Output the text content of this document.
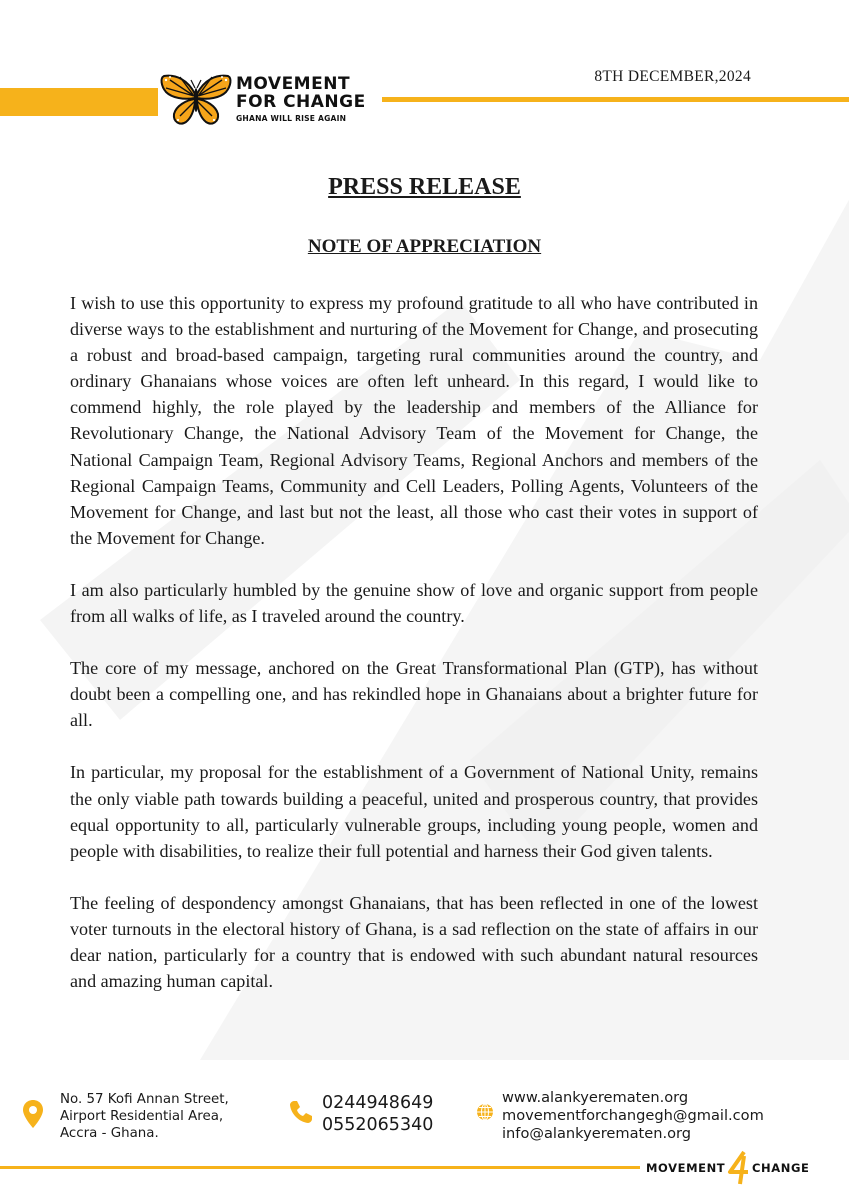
MOVEMENT
FOR CHANGE
GHANA WILL RISE AGAIN
8TH DECEMBER,2024
PRESS RELEASE
NOTE OF APPRECIATION

I wish to use this opportunity to express my profound gratitude to all who have contributed in diverse ways to the establishment and nurturing of the Movement for Change, and prosecuting a robust and broad-based campaign, targeting rural communities around the country, and ordinary Ghanaians whose voices are often left unheard. In this regard, I would like to commend highly, the role played by the leadership and members of the Alliance for Revolutionary Change, the National Advisory Team of the Movement for Change, the National Campaign Team, Regional Advisory Teams, Regional Anchors and members of the Regional Campaign Teams, Community and Cell Leaders, Polling Agents, Volunteers of the Movement for Change, and last but not the least, all those who cast their votes in support of the Movement for Change.

I am also particularly humbled by the genuine show of love and organic support from people from all walks of life, as I traveled around the country.

The core of my message, anchored on the Great Transformational Plan (GTP), has without doubt been a compelling one, and has rekindled hope in Ghanaians about a brighter future for all.

In particular, my proposal for the establishment of a Government of National Unity, remains the only viable path towards building a peaceful, united and prosperous country, that provides equal opportunity to all, particularly vulnerable groups, including young people, women and people with disabilities, to realize their full potential and harness their God given talents.

The feeling of despondency amongst Ghanaians, that has been reflected in one of the lowest voter turnouts in the electoral history of Ghana, is a sad reflection on the state of affairs in our dear nation, particularly for a country that is endowed with such abundant natural resources and amazing human capital.

No. 57 Kofi Annan Street,
Airport Residential Area,
Accra - Ghana.
0244948649
0552065340
www.alankyerematen.org
movementforchangegh@gmail.com
info@alankyerematen.org
MOVEMENT CHANGE
